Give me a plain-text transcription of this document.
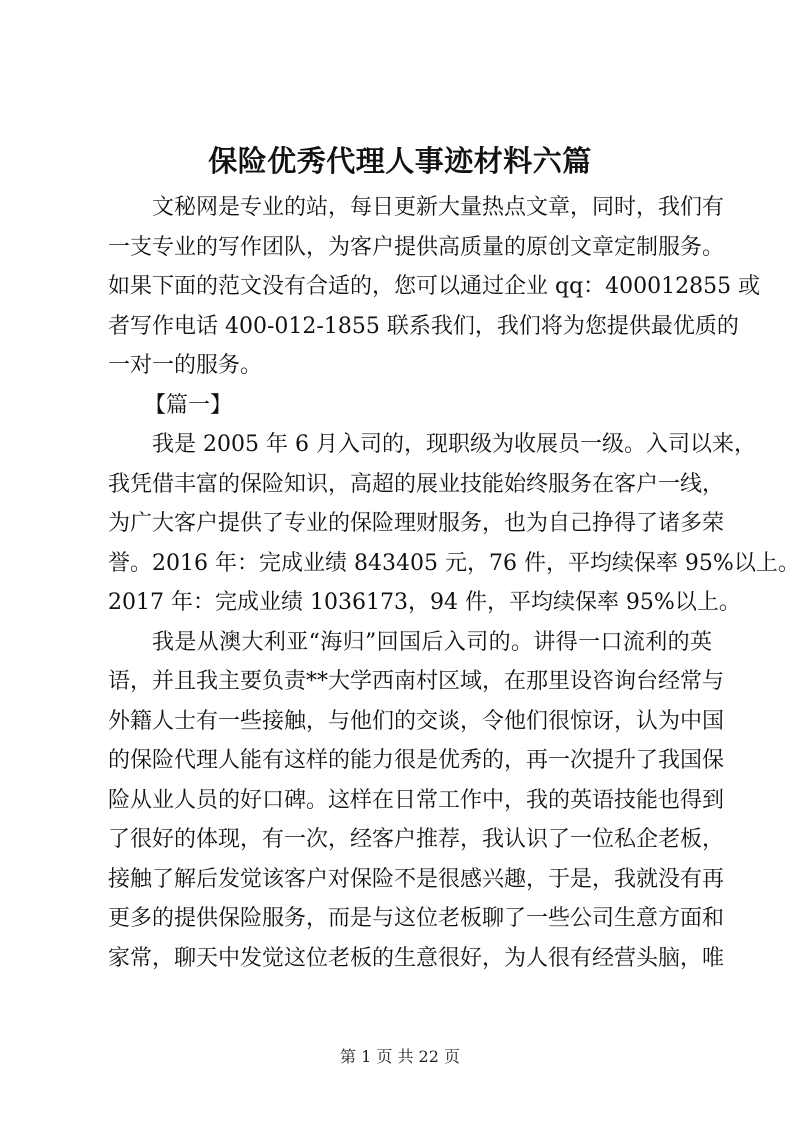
保险优秀代理人事迹材料六篇
文秘网是专业的站，每日更新大量热点文章，同时，我们有
一支专业的写作团队，为客户提供高质量的原创文章定制服务。
如果下面的范文没有合适的，您可以通过企业 qq：400012855 或
者写作电话 400-012-1855 联系我们，我们将为您提供最优质的
一对一的服务。
【篇一】
我是 2005 年 6 月入司的，现职级为收展员一级。入司以来，
我凭借丰富的保险知识，高超的展业技能始终服务在客户一线，
为广大客户提供了专业的保险理财服务，也为自己挣得了诸多荣
誉。2016 年：完成业绩 843405 元，76 件，平均续保率 95%以上。
2017 年：完成业绩 1036173，94 件，平均续保率 95%以上。
我是从澳大利亚“海归”回国后入司的。讲得一口流利的英
语，并且我主要负责**大学西南村区域，在那里设咨询台经常与
外籍人士有一些接触，与他们的交谈，令他们很惊讶，认为中国
的保险代理人能有这样的能力很是优秀的，再一次提升了我国保
险从业人员的好口碑。这样在日常工作中，我的英语技能也得到
了很好的体现，有一次，经客户推荐，我认识了一位私企老板，
接触了解后发觉该客户对保险不是很感兴趣，于是，我就没有再
更多的提供保险服务，而是与这位老板聊了一些公司生意方面和
家常，聊天中发觉这位老板的生意很好，为人很有经营头脑，唯
第 1 页 共 22 页
